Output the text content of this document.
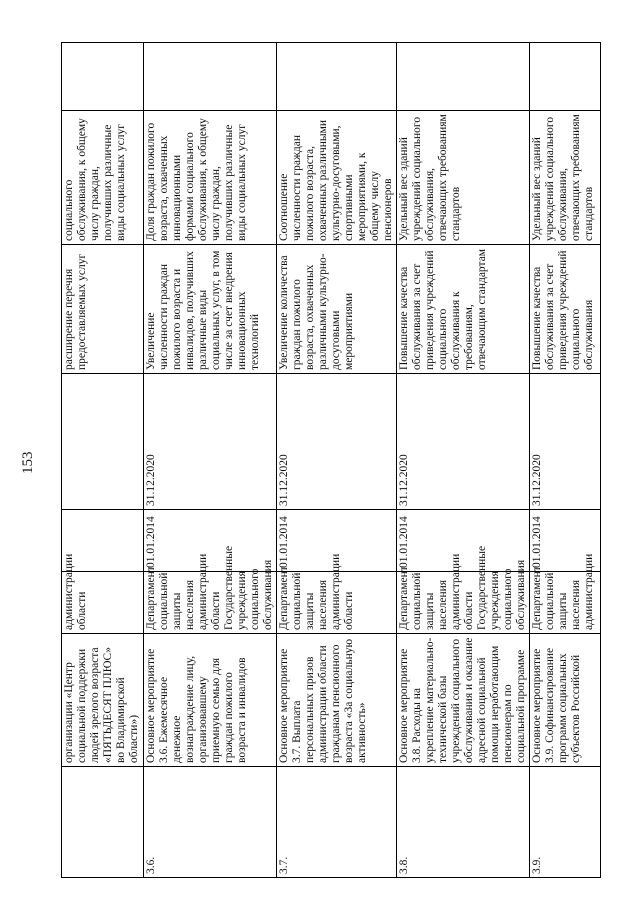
153
	организации «Центр социальной поддержки людей зрелого возраста «ПЯТЬДЕСЯТ ПЛЮС» во Владимирской области»)	администрации области			расширение перечня предоставляемых услуг	социального обслуживания, к общему числу граждан, получивших различные виды социальных услуг	
3.6.	Основное мероприятие 3.6. Ежемесячное денежное вознаграждение лицу, организовавшему приемную семью для граждан пожилого возраста и инвалидов	Департамент социальной защиты населения администрации области Государственные учреждения социального обслуживания	01.01.2014	31.12.2020	Увеличение численности граждан пожилого возраста и инвалидов, получивших различные виды социальных услуг, в том числе за счет внедрения инновационных технологий	Доля граждан пожилого возраста, охваченных инновационными формами социального обслуживания, к общему числу граждан, получивших различные виды социальных услуг	
3.7.	Основное мероприятие 3.7. Выплата персональных призов администрации области гражданам пенсионного возраста «За социальную активность»	Департамент социальной защиты населения администрации области	01.01.2014	31.12.2020	Увеличение количества граждан пожилого возраста, охваченных различными культурно-досуговыми мероприятиями	Соотношение численности граждан пожилого возраста, охваченных различными культурно-досуговыми, спортивными мероприятиями, к общему числу пенсионеров	
3.8.	Основное мероприятие 3.8. Расходы на укрепление материально-технической базы учреждений социального обслуживания и оказание адресной социальной помощи неработающим пенсионерам по социальной программе	Департамент социальной защиты населения администрации области Государственные учреждения социального обслуживания	01.01.2014	31.12.2020	Повышение качества обслуживания за счет приведения учреждений социального обслуживания к требованиям, отвечающим стандартам	Удельный вес зданий учреждений социального обслуживания, отвечающих требованиям стандартов	
3.9.	Основное мероприятие 3.9. Софинансирование программ социальных субъектов Российской	Департамент социальной защиты населения администрации	01.01.2014	31.12.2020	Повышение качества обслуживания за счет приведения учреждений социального обслуживания	Удельный вес зданий учреждений социального обслуживания, отвечающих требованиям стандартов	
